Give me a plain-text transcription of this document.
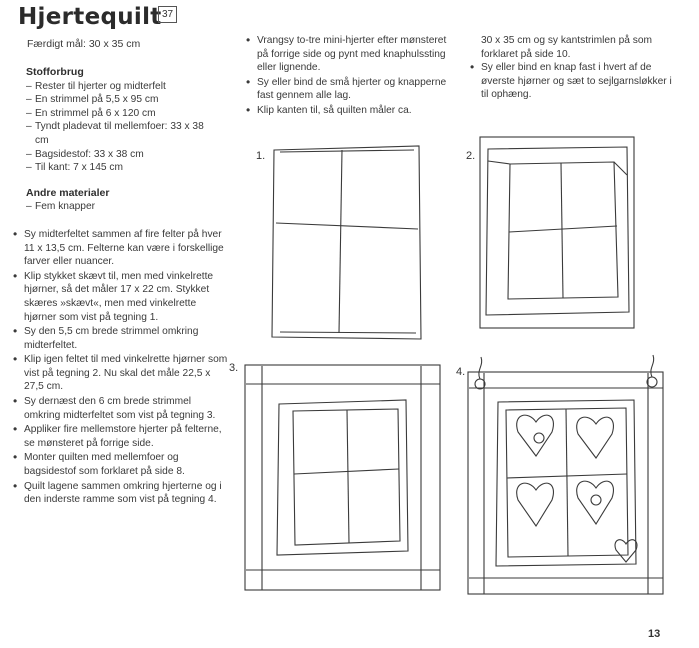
Hjertequilt 37
Færdigt mål: 30 x 35 cm
Stofforbrug
– Rester til hjerter og midterfelt
– En strimmel på 5,5 x 95 cm
– En strimmel på 6 x 120 cm
– Tyndt pladevat til mellemfoer: 33 x 38 cm
– Bagsidestof: 33 x 38 cm
– Til kant: 7 x 145 cm
Andre materialer
– Fem knapper
• Sy midterfeltet sammen af fire felter på hver 11 x 13,5 cm. Felterne kan være i forskellige farver eller nuancer.
• Klip stykket skævt til, men med vinkelrette hjørner, så det måler 17 x 22 cm. Stykket skæres »skævt«, men med vinkelrette hjørner som vist på tegning 1.
• Sy den 5,5 cm brede strimmel omkring midterfeltet.
• Klip igen feltet til med vinkelrette hjørner som vist på tegning 2. Nu skal det måle 22,5 x 27,5 cm.
• Sy dernæst den 6 cm brede strimmel omkring midterfeltet som vist på tegning 3.
• Appliker fire mellemstore hjerter på felterne, se mønsteret på forrige side.
• Monter quilten med mellemfoer og bagsidestof som forklaret på side 8.
• Quilt lagene sammen omkring hjerterne og i den inderste ramme som vist på tegning 4.
• Vrangsy to-tre mini-hjerter efter mønsteret på forrige side og pynt med knaphulssting eller lignende.
• Sy eller bind de små hjerter og knapperne fast gennem alle lag.
• Klip kanten til, så quilten måler ca.
30 x 35 cm og sy kantstrimlen på som forklaret på side 10.
• Sy eller bind en knap fast i hvert af de øverste hjørner og sæt to sejlgarnsløkker i til ophæng.
1.	2.
3.	4.
13
